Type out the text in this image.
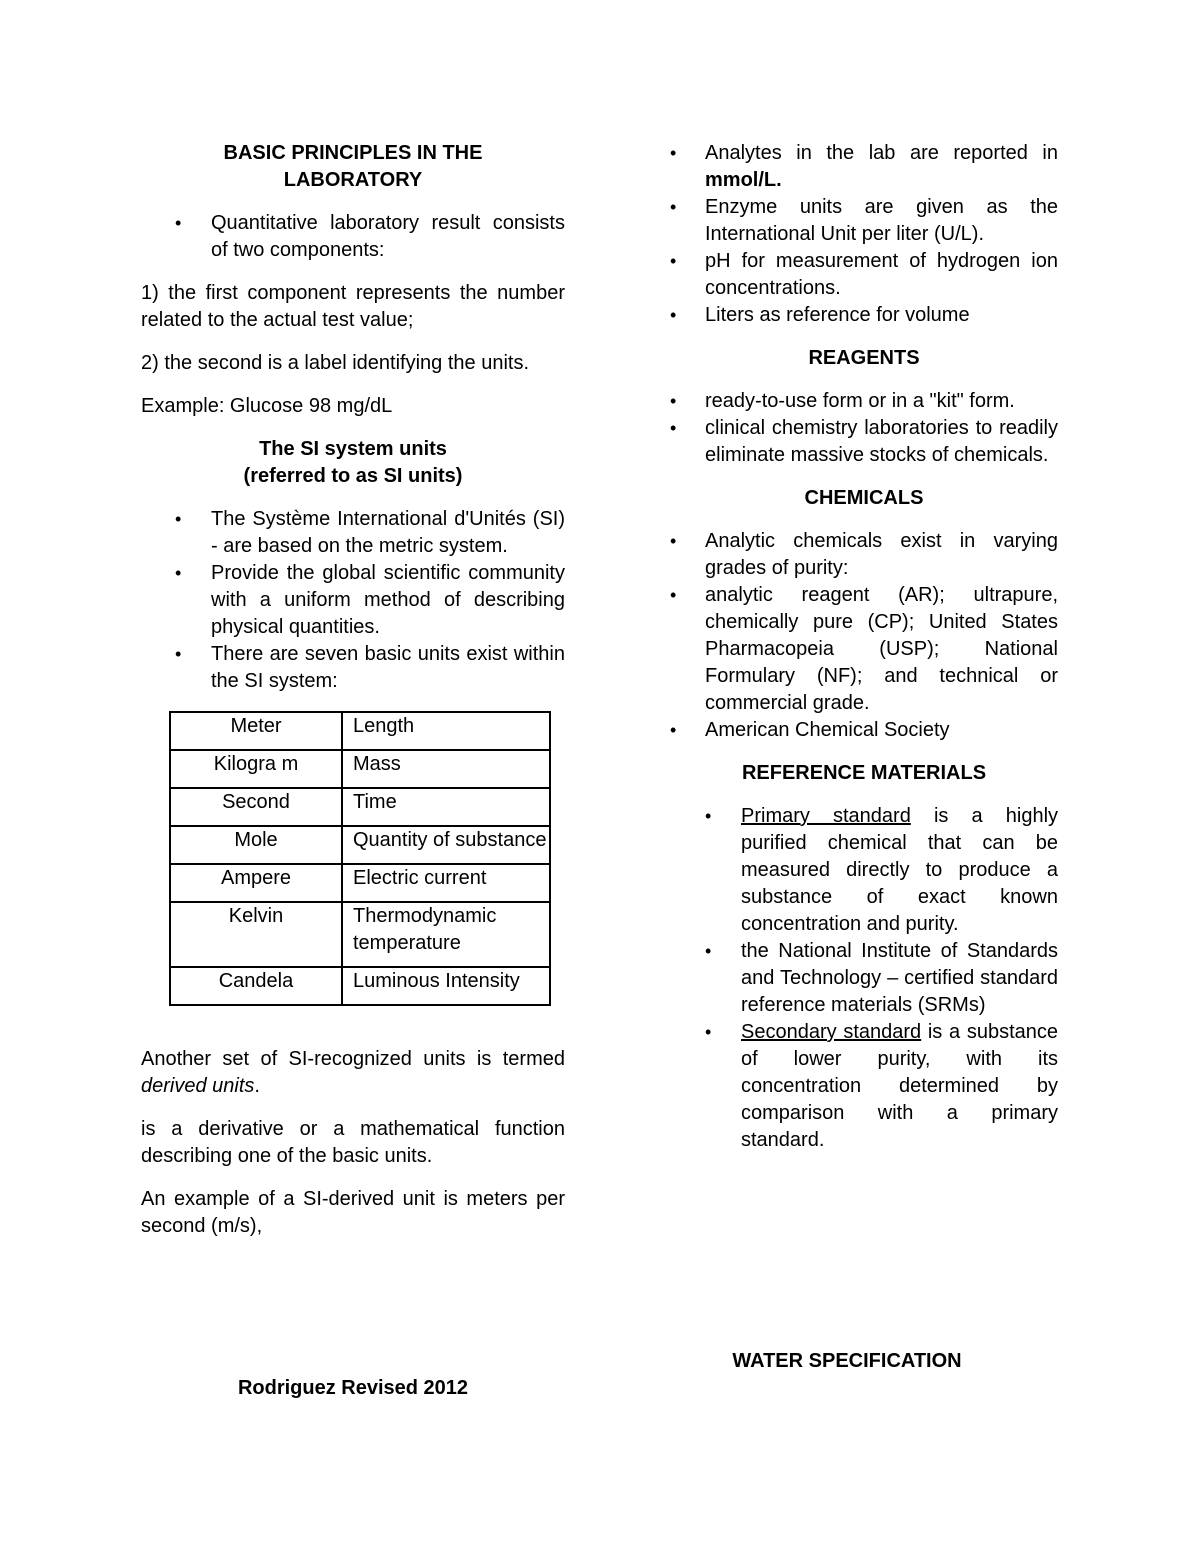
BASIC PRINCIPLES IN THE
LABORATORY
• Quantitative laboratory result consists of two components:

1) the first component represents the number related to the actual test value;

2) the second is a label identifying the units.

Example: Glucose 98 mg/dL

The SI system units
(referred to as SI units)
• The Système International d'Unités (SI) - are based on the metric system.
• Provide the global scientific community with a uniform method of describing physical quantities.
• There are seven basic units exist within the SI system:
Meter	Length
Kilogra m	Mass
Second	Time
Mole	Quantity of substance
Ampere	Electric current
Kelvin	Thermodynamic temperature
Candela	Luminous Intensity

Another set of SI-recognized units is termed derived units.

is a derivative or a mathematical function describing one of the basic units.

An example of a SI-derived unit is meters per second (m/s),

• Analytes in the lab are reported in mmol/L.
• Enzyme units are given as the International Unit per liter (U/L).
• pH for measurement of hydrogen ion concentrations.
• Liters as reference for volume
REAGENTS
• ready-to-use form or in a "kit" form.
• clinical chemistry laboratories to readily eliminate massive stocks of chemicals.
CHEMICALS
• Analytic chemicals exist in varying grades of purity:
• analytic reagent (AR); ultrapure, chemically pure (CP); United States Pharmacopeia (USP); National Formulary (NF); and technical or commercial grade.
• American Chemical Society
REFERENCE MATERIALS
• Primary standard is a highly purified chemical that can be measured directly to produce a substance of exact known concentration and purity.
• the National Institute of Standards and Technology – certified standard reference materials (SRMs)
• Secondary standard is a substance of lower purity, with its concentration determined by comparison with a primary standard.
WATER SPECIFICATION
Rodriguez Revised 2012
